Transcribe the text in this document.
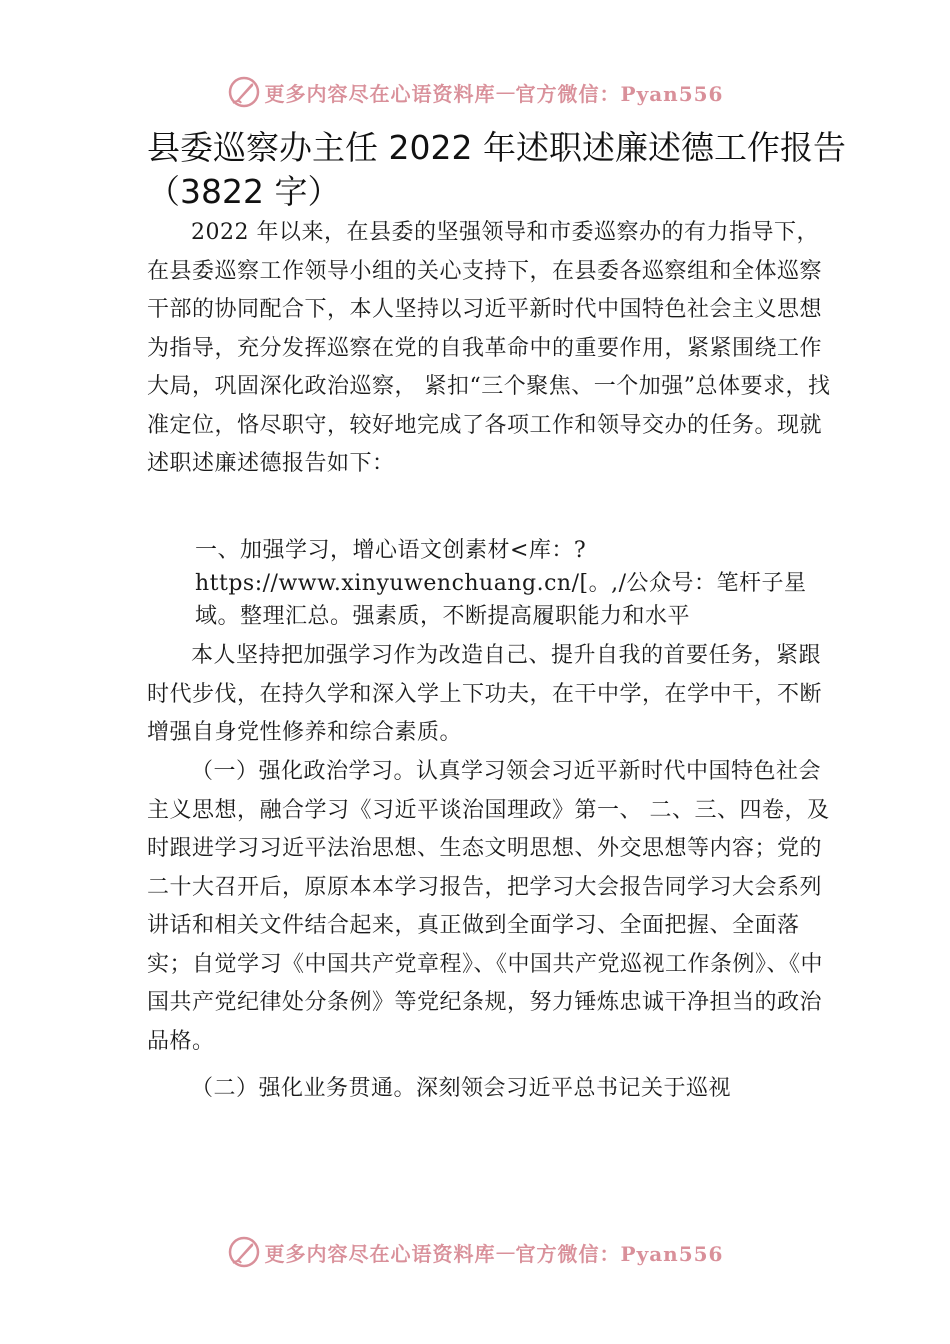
更多内容尽在心语资料库 — 官方微信：Pyan556
县委巡察办主任 2022 年述职述廉述德工作报告（3822 字）

2022 年以来，在县委的坚强领导和市委巡察办的有力指导下，在县委巡察工作领导小组的关心支持下，在县委各巡察组和全体巡察干部的协同配合下，本人坚持以习近平新时代中国特色社会主义思想为指导，充分发挥巡察在党的自我革命中的重要作用，紧紧围绕工作大局，巩固深化政治巡察， 紧扣“三个聚焦、一个加强”总体要求，找准定位，恪尽职守，较好地完成了各项工作和领导交办的任务。现就述职述廉述德报告如下：

一、加强学习，增心语文创素材<库：?https://www.xinyuwenchuang.cn/[。,/公众号：笔杆子星域。整理汇总。强素质，不断提高履职能力和水平

本人坚持把加强学习作为改造自己、提升自我的首要任务，紧跟时代步伐，在持久学和深入学上下功夫，在干中学，在学中干，不断增强自身党性修养和综合素质。

（一）强化政治学习。认真学习领会习近平新时代中国特色社会主义思想，融合学习《习近平谈治国理政》第一、 二、三、四卷，及时跟进学习习近平法治思想、生态文明思想、外交思想等内容；党的二十大召开后，原原本本学习报告，把学习大会报告同学习大会系列讲话和相关文件结合起来，真正做到全面学习、全面把握、全面落实；自觉学习《中国共产党章程》、《中国共产党巡视工作条例》、《中国共产党纪律处分条例》等党纪条规，努力锤炼忠诚干净担当的政治品格。

（二）强化业务贯通。深刻领会习近平总书记关于巡视

更多内容尽在心语资料库 — 官方微信：Pyan556
